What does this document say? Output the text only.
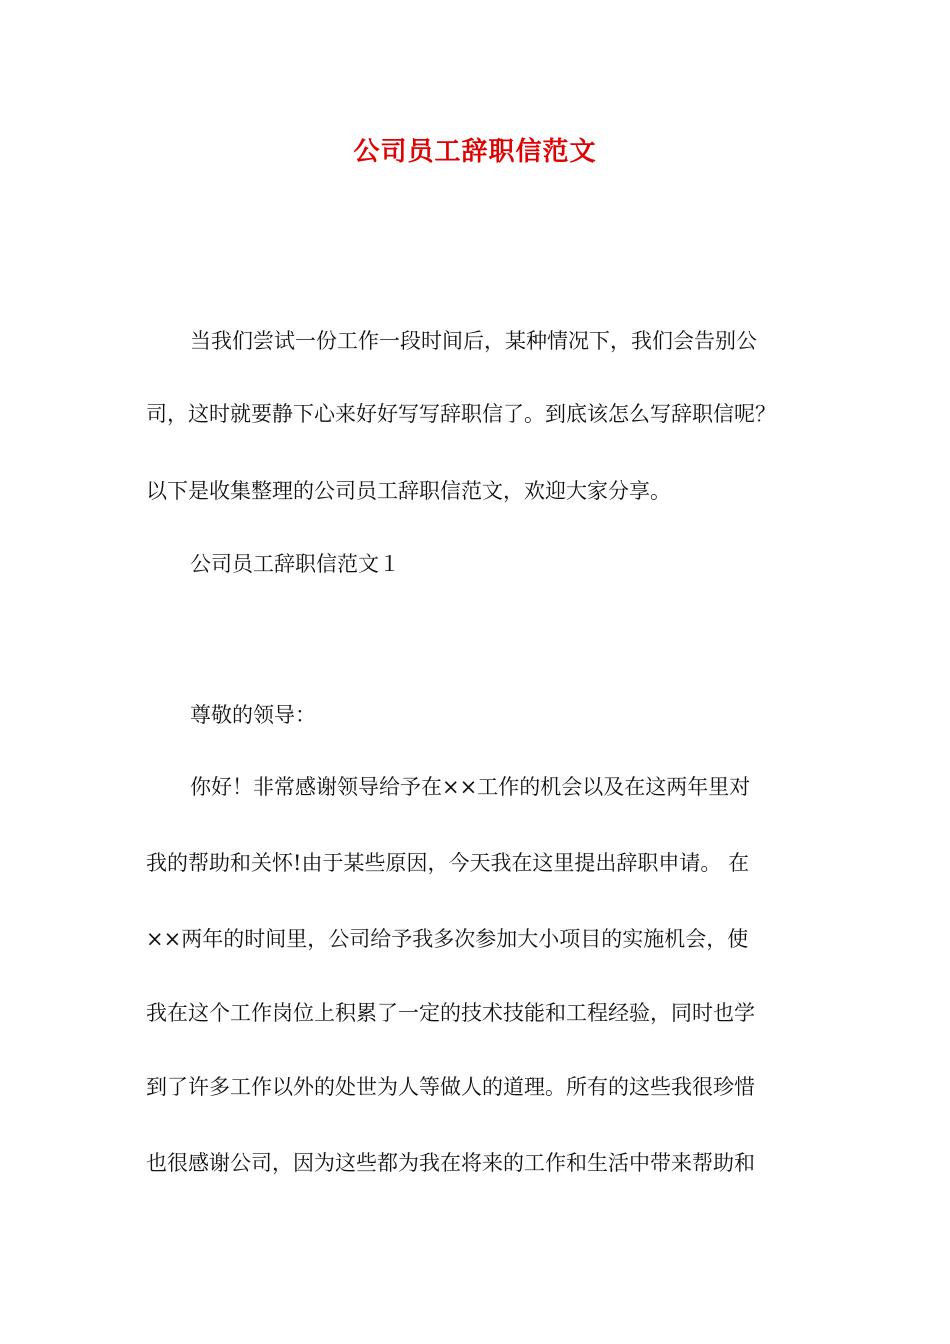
公司员工辞职信范文
当我们尝试一份工作一段时间后，某种情况下，我们会告别公
司，这时就要静下心来好好写写辞职信了。到底该怎么写辞职信呢？
以下是收集整理的公司员工辞职信范文，欢迎大家分享。
公司员工辞职信范文１
尊敬的领导：
你好！非常感谢领导给予在××工作的机会以及在这两年里对
我的帮助和关怀!由于某些原因，今天我在这里提出辞职申请。 在
××两年的时间里，公司给予我多次参加大小项目的实施机会，使
我在这个工作岗位上积累了一定的技术技能和工程经验，同时也学
到了许多工作以外的处世为人等做人的道理。所有的这些我很珍惜
也很感谢公司，因为这些都为我在将来的工作和生活中带来帮助和
